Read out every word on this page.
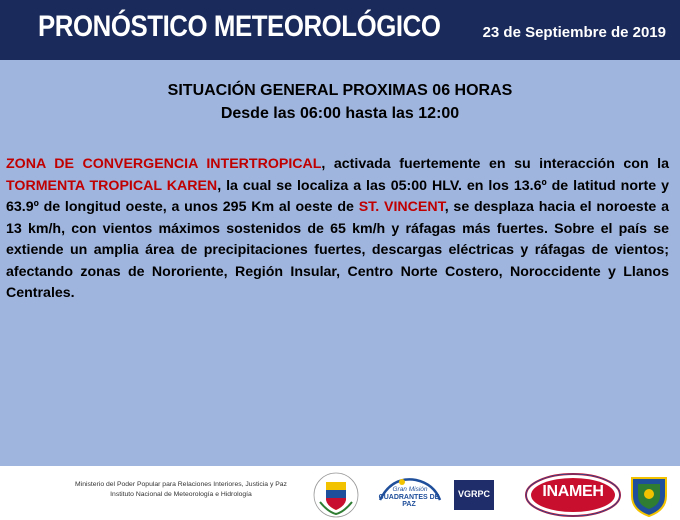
PRONÓSTICO METEOROLÓGICO	23 de Septiembre de 2019
SITUACIÓN GENERAL PROXIMAS 06 HORAS
Desde las 06:00 hasta las 12:00
ZONA DE CONVERGENCIA INTERTROPICAL, activada fuertemente en su interacción con la TORMENTA TROPICAL KAREN, la cual se localiza a las 05:00 HLV. en los 13.6º de latitud norte y 63.9º de longitud oeste, a unos 295 Km al oeste de ST. VINCENT, se desplaza hacia el noroeste a 13 km/h, con vientos máximos sostenidos de 65 km/h y ráfagas más fuertes. Sobre el país se extiende un amplia área de precipitaciones fuertes, descargas eléctricas y ráfagas de vientos; afectando zonas de Nororiente, Región Insular, Centro Norte Costero, Noroccidente y Llanos Centrales.
Ministerio del Poder Popular para Relaciones Interiores, Justicia y Paz
Instituto Nacional de Meteorología e Hidrología
Gran Misión
CUADRANTES DE PAZ
VGRPC	INAMEH
